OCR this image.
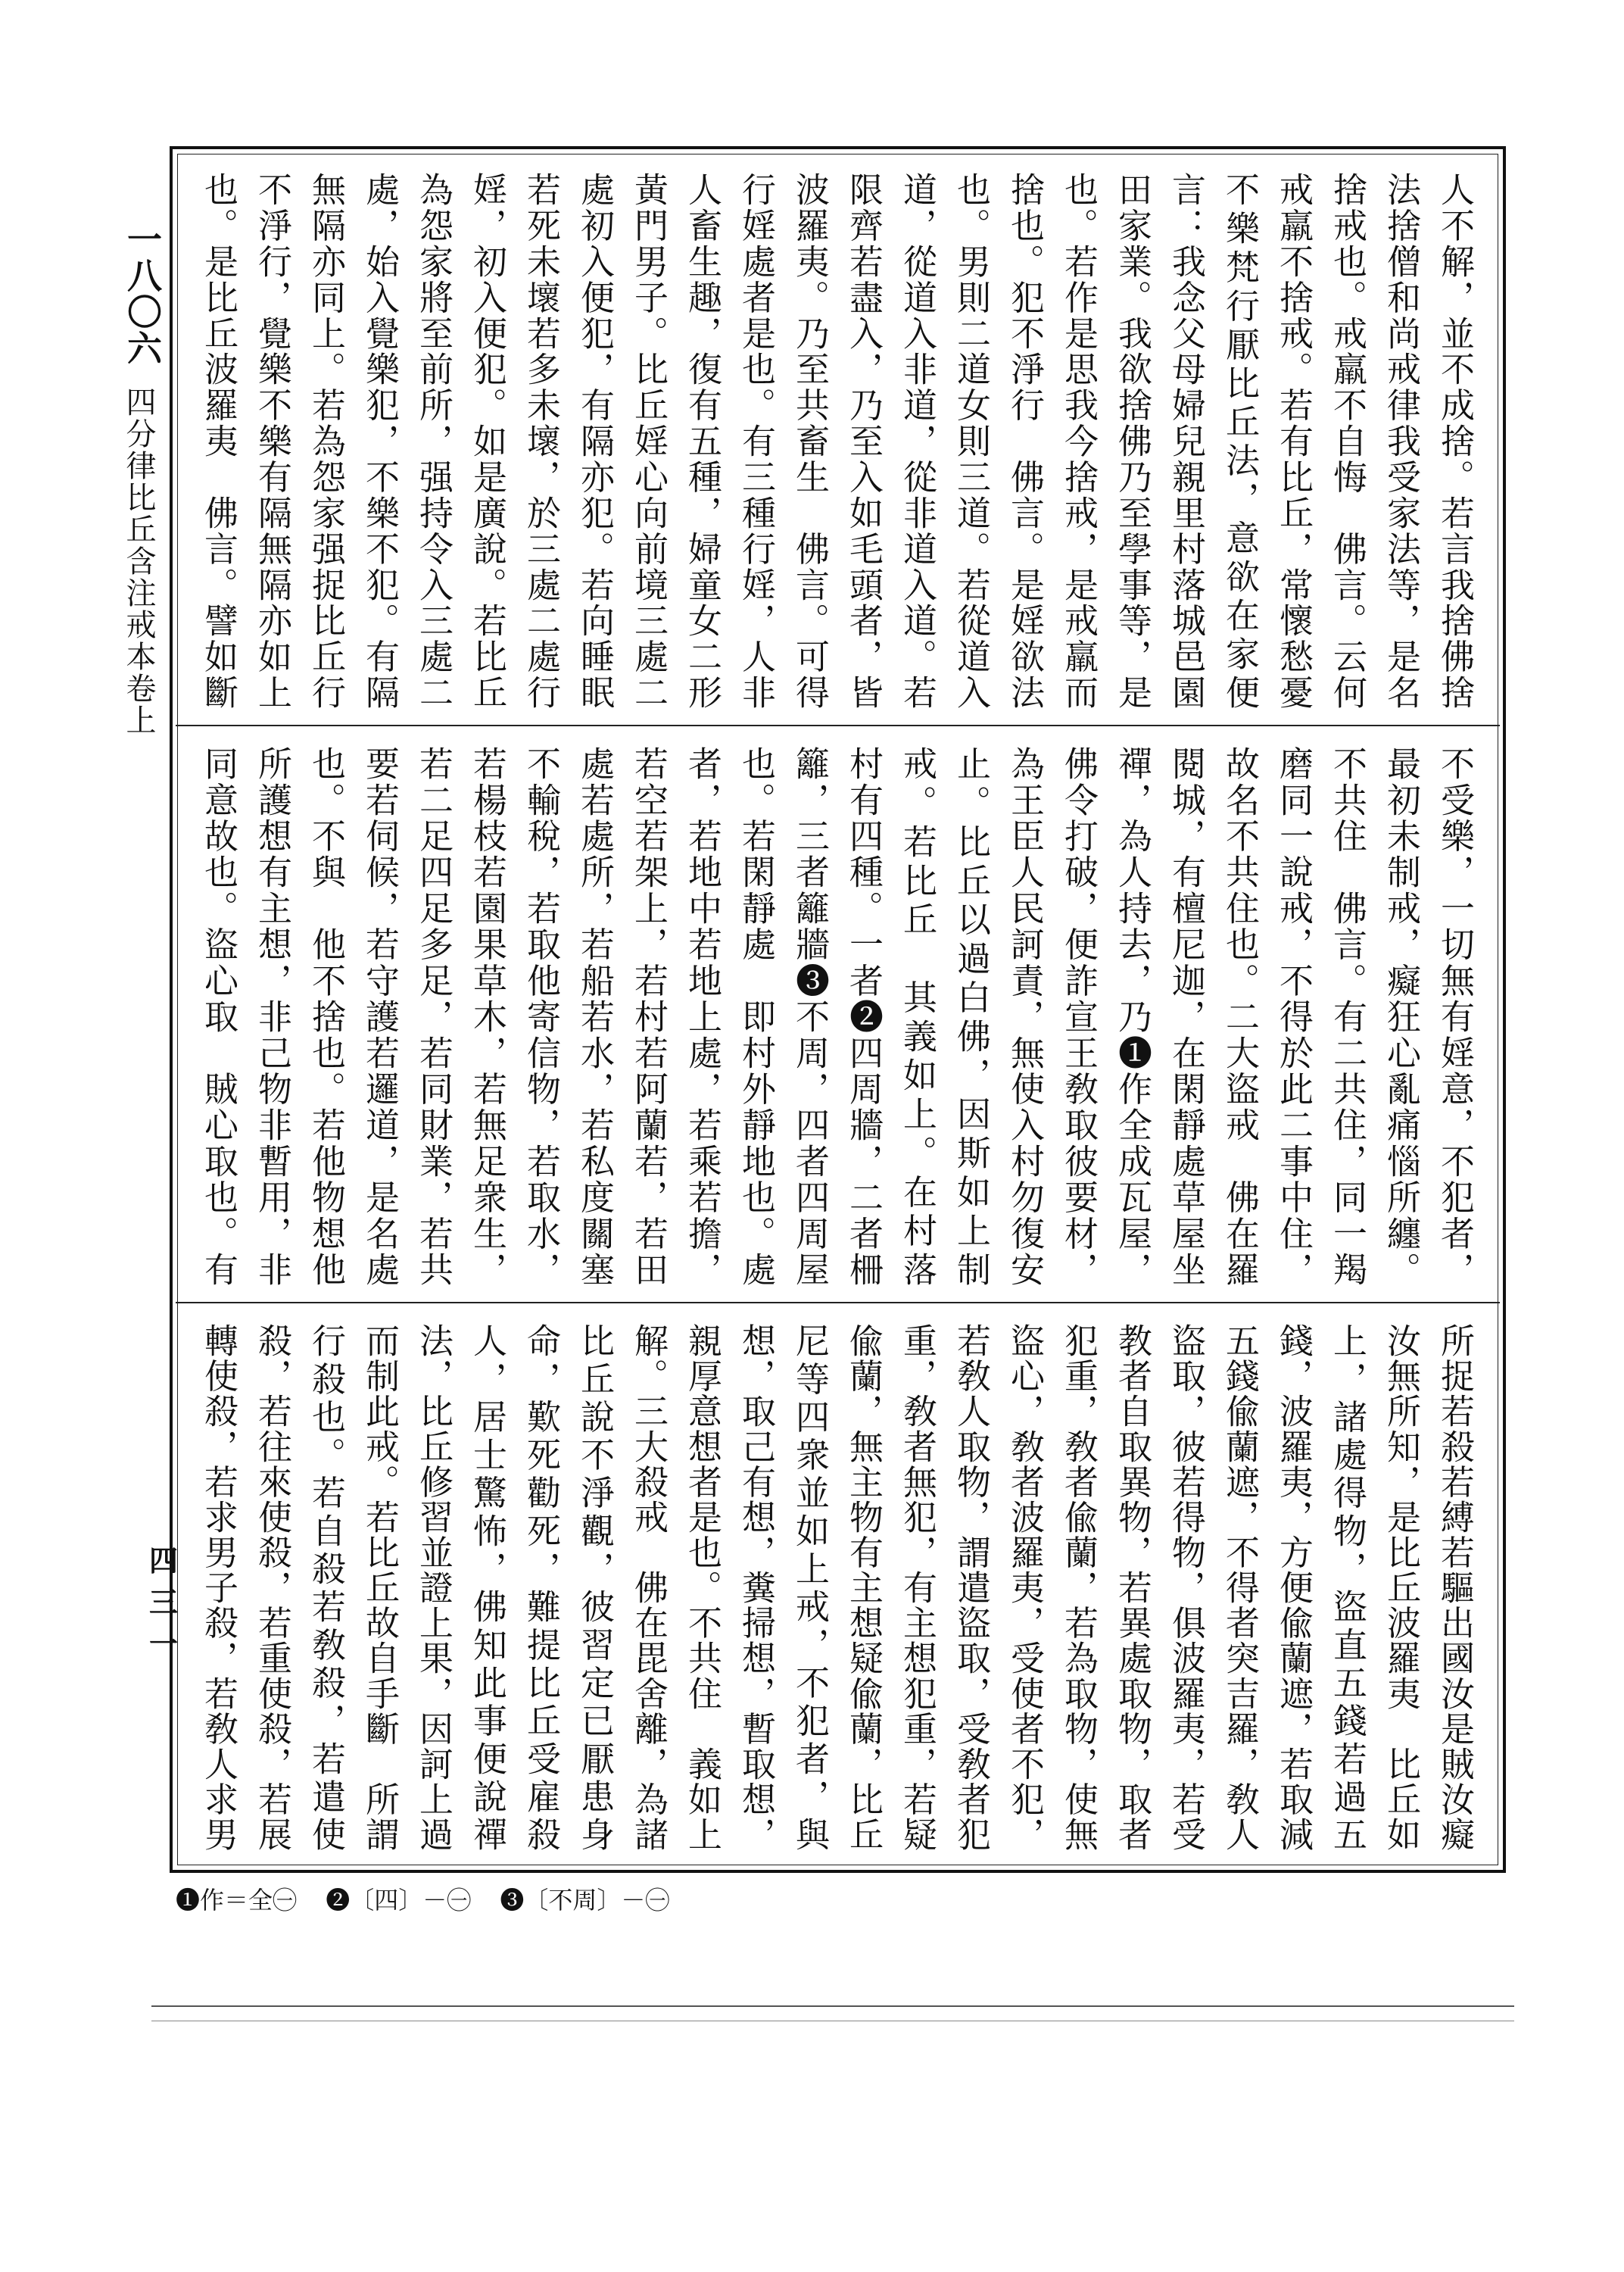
一八〇六
四分律比丘含注戒本卷上
四三一

人不解，並不成捨。若言我捨佛捨法捨僧和尚戒律我受家法等，是名捨戒也。戒羸不自悔　佛言。云何戒羸不捨戒。若有比丘，常懷愁憂不樂梵行厭比丘法，意欲在家便言：我念父母婦兒親里村落城邑園田家業。我欲捨佛乃至學事等，是也。若作是思我今捨戒，是戒羸而捨也。犯不淨行　佛言。是婬欲法也。男則二道女則三道。若從道入道，從道入非道，從非道入道。若限齊若盡入，乃至入如毛頭者，皆波羅夷。乃至共畜生　佛言。可得行婬處者是也。有三種行婬，人非人畜生趣，復有五種，婦童女二形黃門男子。比丘婬心向前境三處二處初入便犯，有隔亦犯。若向睡眠若死未壞若多未壞，於三處二處行婬，初入便犯。如是廣說。若比丘為怨家將至前所，强持令入三處二處，始入覺樂犯，不樂不犯。有隔無隔亦同上。若為怨家强捉比丘行不淨行，覺樂不樂有隔無隔亦如上也。是比丘波羅夷　佛言。譬如斷

不受樂，一切無有婬意，不犯者，最初未制戒，癡狂心亂痛惱所纏。不共住　佛言。有二共住，同一羯磨同一說戒，不得於此二事中住，故名不共住也。二大盜戒　佛在羅閱城，有檀尼迦，在閑靜處草屋坐禪，為人持去，乃❶作全成瓦屋，佛令打破，便詐宣王敎取彼要材，為王臣人民訶責，無使入村勿復安止。比丘以過白佛，因斯如上制戒。若比丘　其義如上。在村落　村有四種。一者❷四周牆，二者柵籬，三者籬牆❸不周，四者四周屋也。若閑靜處　即村外靜地也。處者，若地中若地上處，若乘若擔，若空若架上，若村若阿蘭若，若田處若處所，若船若水，若私度關塞不輸稅，若取他寄信物，若取水，若楊枝若園果草木，若無足衆生，若二足四足多足，若同財業，若共要若伺候，若守護若邏道，是名處也。不與　他不捨也。若他物想他所護想有主想，非己物非暫用，非同意故也。盜心取　賊心取也。有　　　

所捉若殺若縛若驅出國汝是賊汝癡汝無所知，是比丘波羅夷　比丘如上，諸處得物，盜直五錢若過五錢，波羅夷，方便偸蘭遮，若取減五錢偸蘭遮，不得者突吉羅，敎人盜取，彼若得物，俱波羅夷，若受教者自取異物，若異處取物，取者犯重，敎者偸蘭，若為取物，使無盜心，敎者波羅夷，受使者不犯，若敎人取物，謂遣盜取，受敎者犯重，敎者無犯，有主想犯重，若疑偸蘭，無主物有主想疑偸蘭，比丘尼等四衆並如上戒，不犯者，與想，取己有想，糞掃想，暫取想，親厚意想者是也。不共住　義如上解。三大殺戒　佛在毘舍離，為諸比丘說不淨觀，彼習定已厭患身命，歎死勸死，難提比丘受雇殺人，居士驚怖，佛知此事便說禪法，比丘修習並證上果，因訶上過而制此戒。若比丘故自手斷　所謂行殺也。若自殺若敎殺，若遣使殺，若往來使殺，若重使殺，若展轉使殺，若求男子殺，若敎人求男　　

❶作＝全㊀ ❷〔四〕－㊀ ❸〔不周〕－㊀
